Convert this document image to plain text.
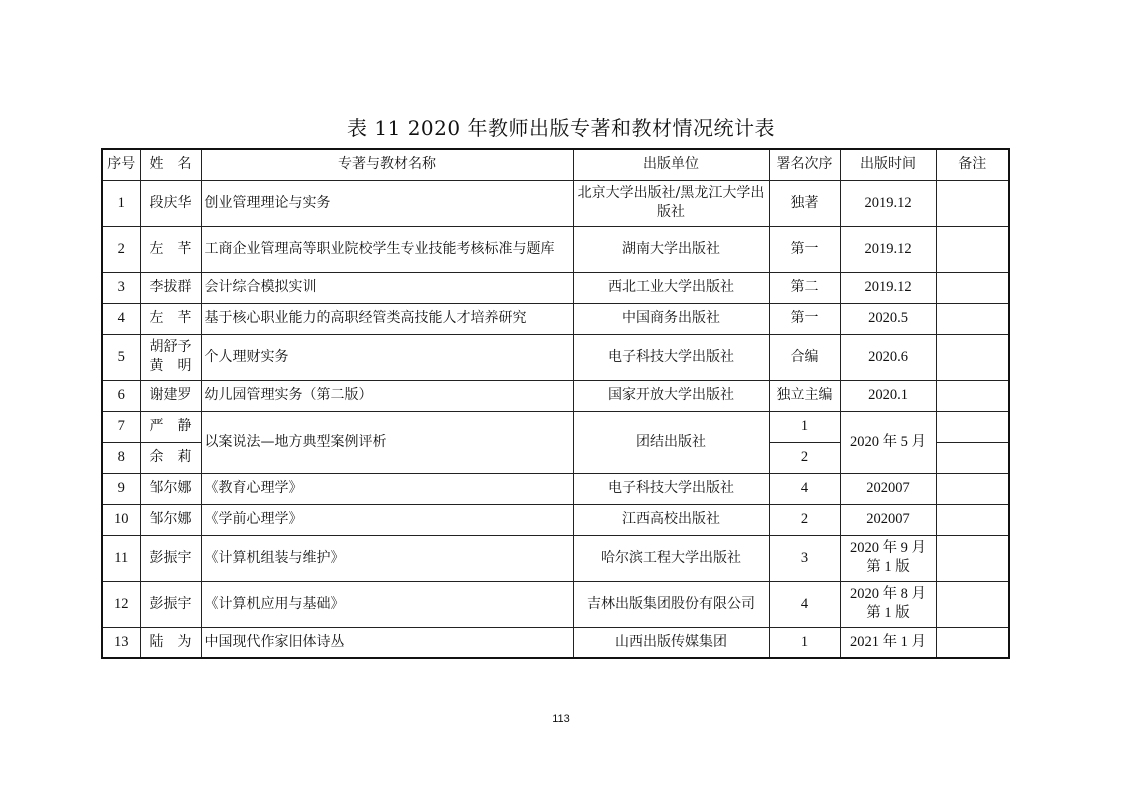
表 11 2020 年教师出版专著和教材情况统计表
序号	姓　名	专著与教材名称	出版单位	署名次序	出版时间	备注
1	段庆华	创业管理理论与实务	北京大学出版社/黑龙江大学出版社	独著	2019.12	
2	左　芊	工商企业管理高等职业院校学生专业技能考核标准与题库	湖南大学出版社	第一	2019.12	
3	李拔群	会计综合模拟实训	西北工业大学出版社	第二	2019.12	
4	左　芊	基于核心职业能力的高职经管类高技能人才培养研究	中国商务出版社	第一	2020.5	
5	胡舒予 黄　明	个人理财实务	电子科技大学出版社	合编	2020.6	
6	谢建罗	幼儿园管理实务（第二版）	国家开放大学出版社	独立主编	2020.1	
7	严　静	以案说法—地方典型案例评析	团结出版社	1	2020 年 5 月	
8	余　莉			2		
9	邹尔娜	《教育心理学》	电子科技大学出版社	4	202007	
10	邹尔娜	《学前心理学》	江西高校出版社	2	202007	
11	彭振宇	《计算机组装与维护》	哈尔滨工程大学出版社	3	2020 年 9 月第 1 版	
12	彭振宇	《计算机应用与基础》	吉林出版集团股份有限公司	4	2020 年 8 月第 1 版	
13	陆　为	中国现代作家旧体诗丛	山西出版传媒集团	1	2021 年 1 月	
113
